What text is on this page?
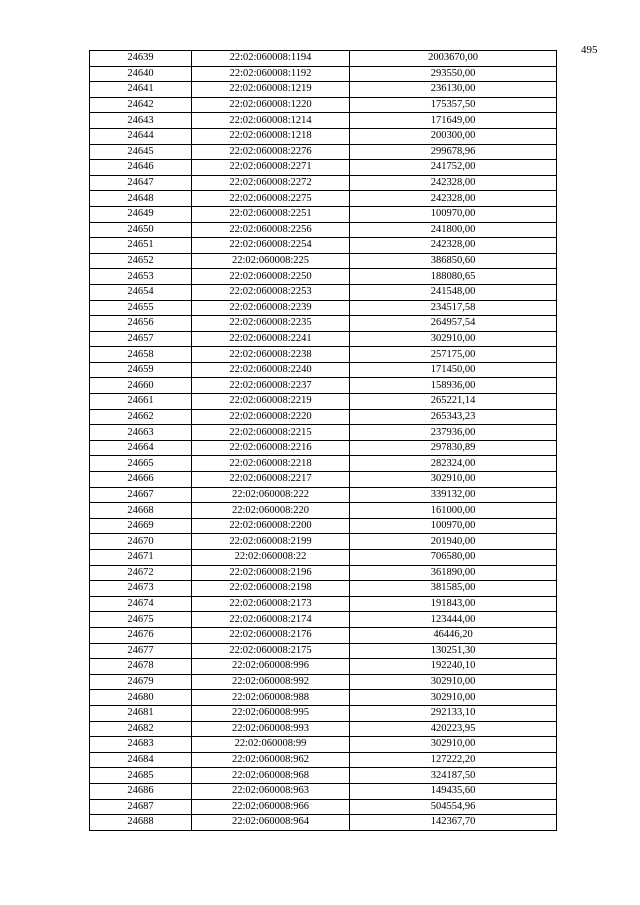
495
24639	22:02:060008:1194	2003670,00
24640	22:02:060008:1192	293550,00
24641	22:02:060008:1219	236130,00
24642	22:02:060008:1220	175357,50
24643	22:02:060008:1214	171649,00
24644	22:02:060008:1218	200300,00
24645	22:02:060008:2276	299678,96
24646	22:02:060008:2271	241752,00
24647	22:02:060008:2272	242328,00
24648	22:02:060008:2275	242328,00
24649	22:02:060008:2251	100970,00
24650	22:02:060008:2256	241800,00
24651	22:02:060008:2254	242328,00
24652	22:02:060008:225	386850,60
24653	22:02:060008:2250	188080,65
24654	22:02:060008:2253	241548,00
24655	22:02:060008:2239	234517,58
24656	22:02:060008:2235	264957,54
24657	22:02:060008:2241	302910,00
24658	22:02:060008:2238	257175,00
24659	22:02:060008:2240	171450,00
24660	22:02:060008:2237	158936,00
24661	22:02:060008:2219	265221,14
24662	22:02:060008:2220	265343,23
24663	22:02:060008:2215	237936,00
24664	22:02:060008:2216	297830,89
24665	22:02:060008:2218	282324,00
24666	22:02:060008:2217	302910,00
24667	22:02:060008:222	339132,00
24668	22:02:060008:220	161000,00
24669	22:02:060008:2200	100970,00
24670	22:02:060008:2199	201940,00
24671	22:02:060008:22	706580,00
24672	22:02:060008:2196	361890,00
24673	22:02:060008:2198	381585,00
24674	22:02:060008:2173	191843,00
24675	22:02:060008:2174	123444,00
24676	22:02:060008:2176	46446,20
24677	22:02:060008:2175	130251,30
24678	22:02:060008:996	192240,10
24679	22:02:060008:992	302910,00
24680	22:02:060008:988	302910,00
24681	22:02:060008:995	292133,10
24682	22:02:060008:993	420223,95
24683	22:02:060008:99	302910,00
24684	22:02:060008:962	127222,20
24685	22:02:060008:968	324187,50
24686	22:02:060008:963	149435,60
24687	22:02:060008:966	504554,96
24688	22:02:060008:964	142367,70
